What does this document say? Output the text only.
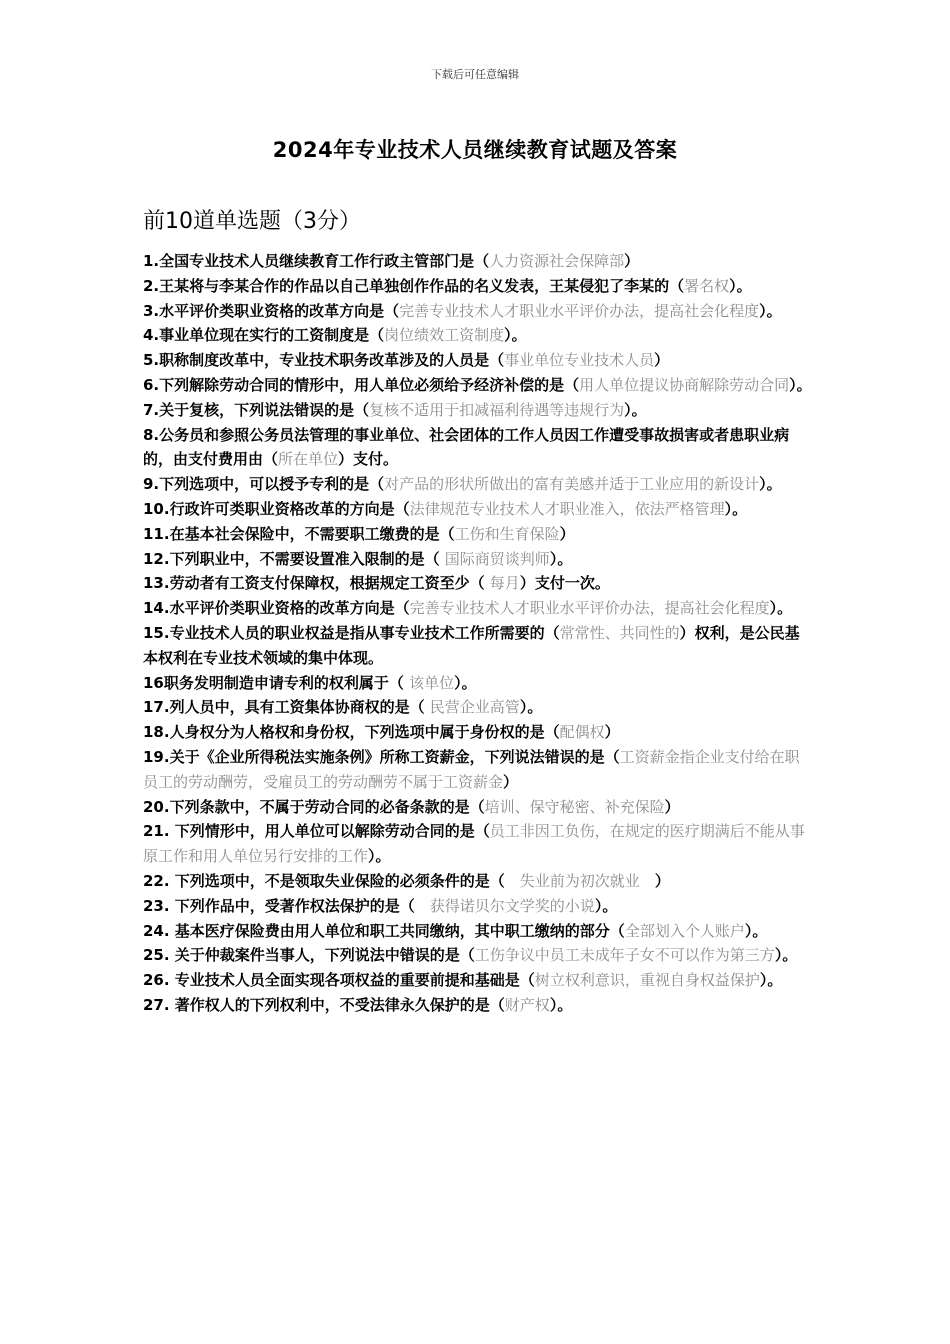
下载后可任意编辑
2024年专业技术人员继续教育试题及答案
前10道单选题（3分）

1.全国专业技术人员继续教育工作行政主管部门是（人力资源社会保障部）

2.王某将与李某合作的作品以自己单独创作作品的名义发表，王某侵犯了李某的（署名权）。

3.水平评价类职业资格的改革方向是（完善专业技术人才职业水平评价办法，提高社会化程度）。

4.事业单位现在实行的工资制度是（岗位绩效工资制度）。

5.职称制度改革中，专业技术职务改革涉及的人员是（事业单位专业技术人员）

6.下列解除劳动合同的情形中，用人单位必须给予经济补偿的是（用人单位提议协商解除劳动合同）。

7.关于复核，下列说法错误的是（复核不适用于扣减福利待遇等违规行为）。

8.公务员和参照公务员法管理的事业单位、社会团体的工作人员因工作遭受事故损害或者患职业病的，由支付费用由（所在单位）支付。

9.下列选项中，可以授予专利的是（对产品的形状所做出的富有美感并适于工业应用的新设计）。

10.行政许可类职业资格改革的方向是（法律规范专业技术人才职业准入，依法严格管理）。

11.在基本社会保险中，不需要职工缴费的是（工伤和生育保险）

12.下列职业中，不需要设置准入限制的是（ 国际商贸谈判师）。

13.劳动者有工资支付保障权，根据规定工资至少（ 每月）支付一次。

14.水平评价类职业资格的改革方向是（完善专业技术人才职业水平评价办法，提高社会化程度）。

15.专业技术人员的职业权益是指从事专业技术工作所需要的（常常性、共同性的）权利，是公民基本权利在专业技术领域的集中体现。

16职务发明制造申请专利的权利属于（ 该单位）。

17.列人员中，具有工资集体协商权的是（ 民营企业高管）。

18.人身权分为人格权和身份权，下列选项中属于身份权的是（配偶权）

19.关于《企业所得税法实施条例》所称工资薪金，下列说法错误的是（工资薪金指企业支付给在职员工的劳动酬劳，受雇员工的劳动酬劳不属于工资薪金）

20.下列条款中，不属于劳动合同的必备条款的是（培训、保守秘密、补充保险）

21. 下列情形中，用人单位可以解除劳动合同的是（员工非因工负伤，在规定的医疗期满后不能从事原工作和用人单位另行安排的工作）。

22. 下列选项中，不是领取失业保险的必须条件的是（　失业前为初次就业　）

23. 下列作品中，受著作权法保护的是（　获得诺贝尔文学奖的小说）。

24. 基本医疗保险费由用人单位和职工共同缴纳，其中职工缴纳的部分（全部划入个人账户）。

25. 关于仲裁案件当事人，下列说法中错误的是（工伤争议中员工未成年子女不可以作为第三方）。

26. 专业技术人员全面实现各项权益的重要前提和基础是（树立权利意识，重视自身权益保护）。

27. 著作权人的下列权利中，不受法律永久保护的是（财产权）。
